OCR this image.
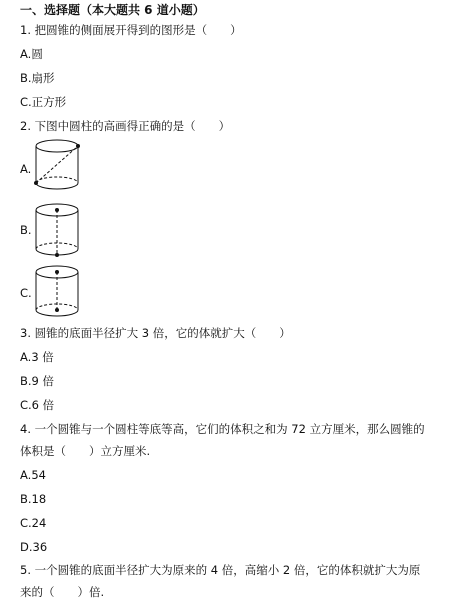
一、选择题（本大题共 6 道小题）
1. 把圆锥的侧面展开得到的图形是（　　）
A.圆
B.扇形
C.正方形
2. 下图中圆柱的高画得正确的是（　　）
A.
B.
C.
3. 圆锥的底面半径扩大 3 倍，它的体就扩大（　　）
A.3 倍
B.9 倍
C.6 倍
4. 一个圆锥与一个圆柱等底等高，它们的体积之和为 72 立方厘米，那么圆锥的
体积是（　　）立方厘米.
A.54
B.18
C.24
D.36
5. 一个圆锥的底面半径扩大为原来的 4 倍，高缩小 2 倍，它的体积就扩大为原
来的（　　）倍.
